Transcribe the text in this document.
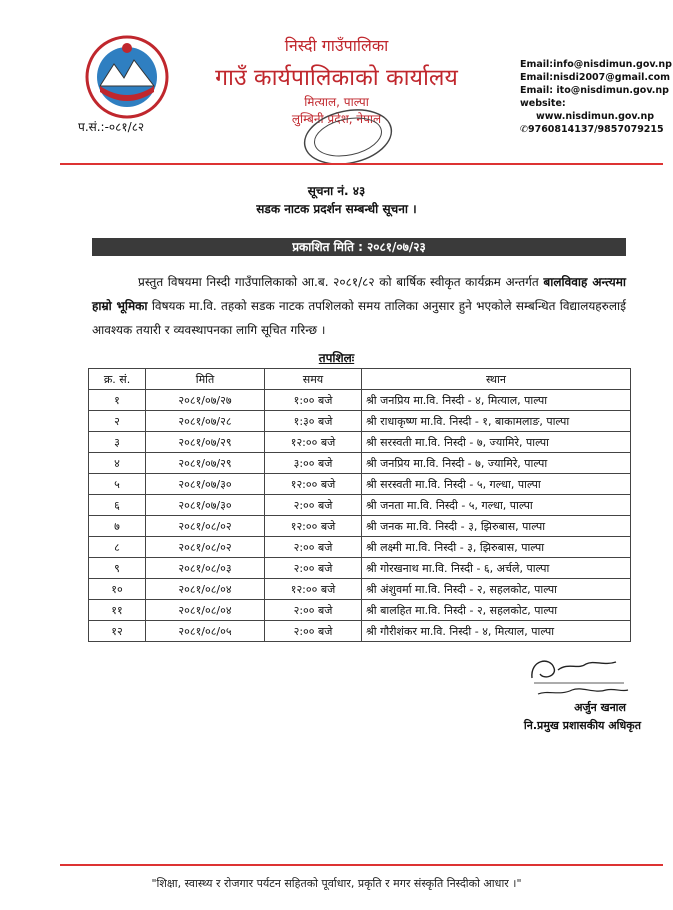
प.सं.:-०८१/८२
निस्दी गाउँपालिका
गाउँ कार्यपालिकाको कार्यालय
मित्याल, पाल्पा
लुम्बिनी प्रदेश, नेपाल
Email:info@nisdimun.gov.np
Email:nisdi2007@gmail.com
Email: ito@nisdimun.gov.np
website:
www.nisdimun.gov.np
✆9760814137/9857079215
सूचना नं. ४३
सडक नाटक प्रदर्शन सम्बन्धी सूचना ।
प्रकाशित मिति : २०८१/०७/२३
प्रस्तुत विषयमा निस्दी गाउँपालिकाको आ.ब. २०८१/८२ को बार्षिक स्वीकृत कार्यक्रम अन्तर्गत बालविवाह अन्त्यमा हाम्रो भूमिका विषयक मा.वि. तहको सडक नाटक तपशिलको समय तालिका अनुसार हुने भएकोले सम्बन्धित विद्यालयहरुलाई आवश्यक तयारी र व्यवस्थापनका लागि सूचित गरिन्छ ।
तपशिलः
क्र. सं.	मिति	समय	स्थान
१	२०८१/०७/२७	१:०० बजे	श्री जनप्रिय मा.वि. निस्दी - ४, मित्याल, पाल्पा
२	२०८१/०७/२८	१:३० बजे	श्री राधाकृष्ण मा.वि. निस्दी - १, बाकामलाङ, पाल्पा
३	२०८१/०७/२९	१२:०० बजे	श्री सरस्वती मा.वि. निस्दी - ७, ज्यामिरे, पाल्पा
४	२०८१/०७/२९	३:०० बजे	श्री जनप्रिय मा.वि. निस्दी - ७, ज्यामिरे, पाल्पा
५	२०८१/०७/३०	१२:०० बजे	श्री सरस्वती मा.वि. निस्दी - ५, गल्धा, पाल्पा
६	२०८१/०७/३०	२:०० बजे	श्री जनता मा.वि. निस्दी - ५, गल्धा, पाल्पा
७	२०८१/०८/०२	१२:०० बजे	श्री जनक मा.वि. निस्दी - ३, झिरुबास, पाल्पा
८	२०८१/०८/०२	२:०० बजे	श्री लक्ष्मी मा.वि. निस्दी - ३, झिरुबास, पाल्पा
९	२०८१/०८/०३	२:०० बजे	श्री गोरखनाथ मा.वि. निस्दी - ६, अर्चले, पाल्पा
१०	२०८१/०८/०४	१२:०० बजे	श्री अंशुवर्मा मा.वि. निस्दी - २, सहलकोट, पाल्पा
११	२०८१/०८/०४	२:०० बजे	श्री बालहित मा.वि. निस्दी - २, सहलकोट, पाल्पा
१२	२०८१/०८/०५	२:०० बजे	श्री गौरीशंकर मा.वि. निस्दी - ४, मित्याल, पाल्पा
अर्जुन खनाल
नि.प्रमुख प्रशासकीय अधिकृत
"शिक्षा, स्वास्थ्य र रोजगार पर्यटन सहितको पूर्वाधार, प्रकृति र मगर संस्कृति निस्दीको आधार ।"
